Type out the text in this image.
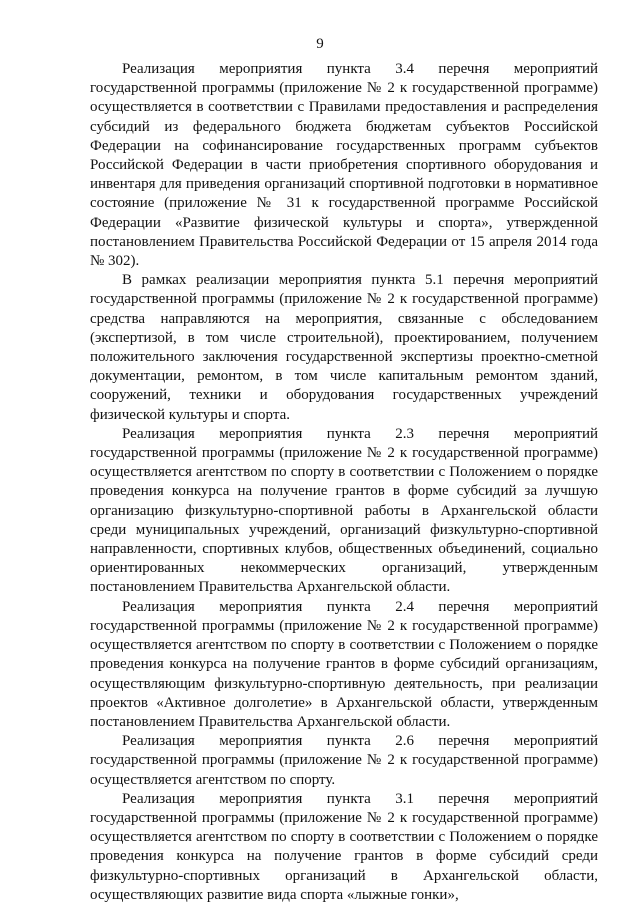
9

Реализация мероприятия пункта 3.4 перечня мероприятий государственной программы (приложение № 2 к государственной программе) осуществляется в соответствии с Правилами предоставления и распределения субсидий из федерального бюджета бюджетам субъектов Российской Федерации на софинансирование государственных программ субъектов Российской Федерации в части приобретения спортивного оборудования и инвентаря для приведения организаций спортивной подготовки в нормативное состояние (приложение № 31 к государственной программе Российской Федерации «Развитие физической культуры и спорта», утвержденной постановлением Правительства Российской Федерации от 15 апреля 2014 года № 302).

В рамках реализации мероприятия пункта 5.1 перечня мероприятий государственной программы (приложение № 2 к государственной программе) средства направляются на мероприятия, связанные с обследованием (экспертизой, в том числе строительной), проектированием, получением положительного заключения государственной экспертизы проектно-сметной документации, ремонтом, в том числе капитальным ремонтом зданий, сооружений, техники и оборудования государственных учреждений физической культуры и спорта.

Реализация мероприятия пункта 2.3 перечня мероприятий государственной программы (приложение № 2 к государственной программе) осуществляется агентством по спорту в соответствии с Положением о порядке проведения конкурса на получение грантов в форме субсидий за лучшую организацию физкультурно-спортивной работы в Архангельской области среди муниципальных учреждений, организаций физкультурно-спортивной направленности, спортивных клубов, общественных объединений, социально ориентированных некоммерческих организаций, утвержденным постановлением Правительства Архангельской области.

Реализация мероприятия пункта 2.4 перечня мероприятий государственной программы (приложение № 2 к государственной программе) осуществляется агентством по спорту в соответствии с Положением о порядке проведения конкурса на получение грантов в форме субсидий организациям, осуществляющим физкультурно-спортивную деятельность, при реализации проектов «Активное долголетие» в Архангельской области, утвержденным постановлением Правительства Архангельской области.

Реализация мероприятия пункта 2.6 перечня мероприятий государственной программы (приложение № 2 к государственной программе) осуществляется агентством по спорту.

Реализация мероприятия пункта 3.1 перечня мероприятий государственной программы (приложение № 2 к государственной программе) осуществляется агентством по спорту в соответствии с Положением о порядке проведения конкурса на получение грантов в форме субсидий среди физкультурно-спортивных организаций в Архангельской области, осуществляющих развитие вида спорта «лыжные гонки»,
